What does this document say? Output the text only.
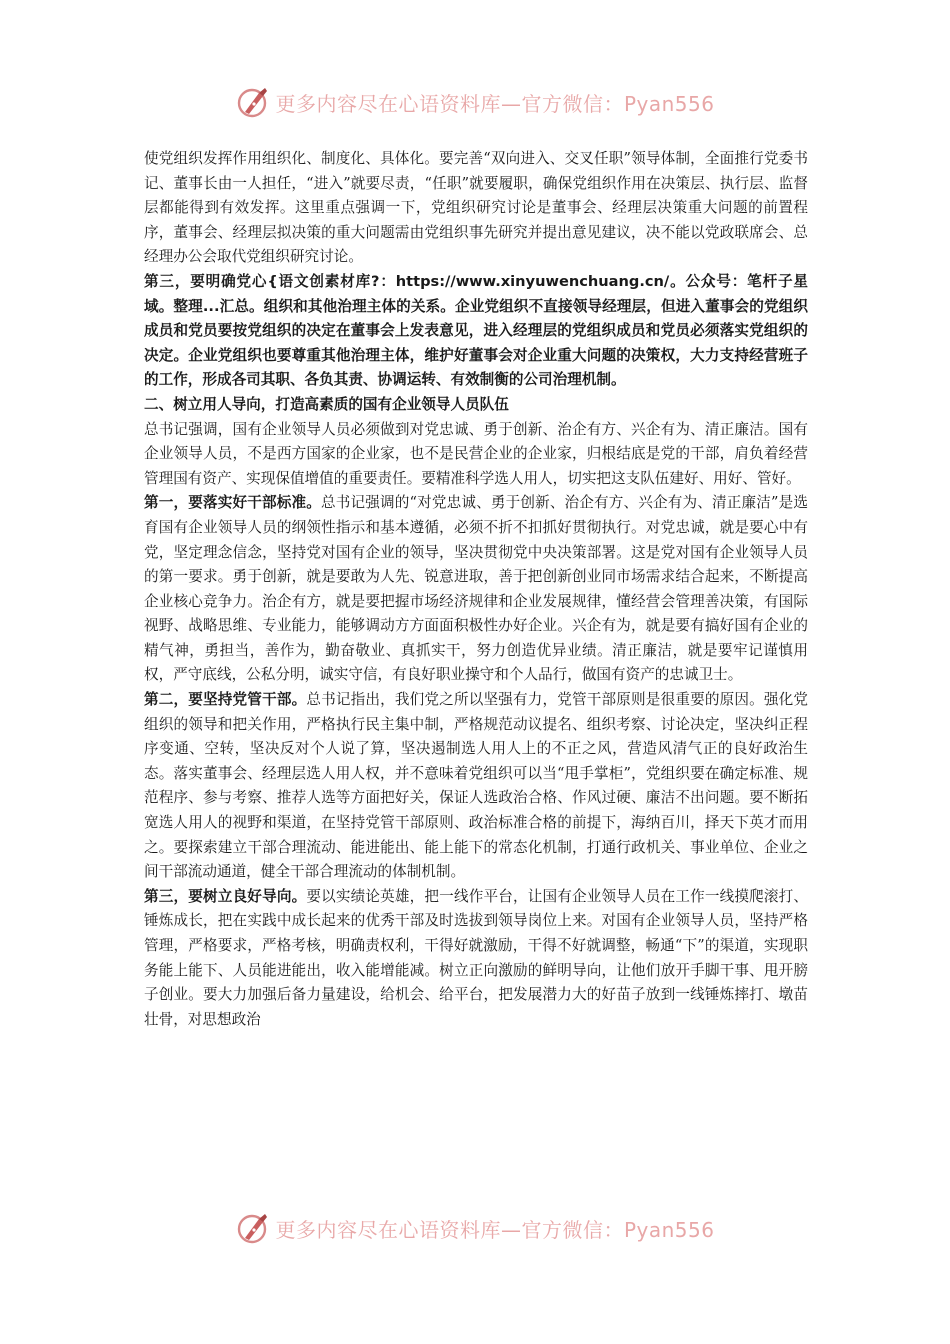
更多内容尽在心语资料库—官方微信：Pyan556

使党组织发挥作用组织化、制度化、具体化。要完善“双向进入、交叉任职”领导体制，全面推行党委书记、董事长由一人担任，“进入”就要尽责，“任职”就要履职，确保党组织作用在决策层、执行层、监督层都能得到有效发挥。这里重点强调一下，党组织研究讨论是董事会、经理层决策重大问题的前置程序，董事会、经理层拟决策的重大问题需由党组织事先研究并提出意见建议，决不能以党政联席会、总经理办公会取代党组织研究讨论。

第三，要明确党心{语文创素材库?：https://www.xinyuwenchuang.cn/。公众号：笔杆子星域。整理...汇总。组织和其他治理主体的关系。企业党组织不直接领导经理层，但进入董事会的党组织成员和党员要按党组织的决定在董事会上发表意见，进入经理层的党组织成员和党员必须落实党组织的决定。企业党组织也要尊重其他治理主体，维护好董事会对企业重大问题的决策权，大力支持经营班子的工作，形成各司其职、各负其责、协调运转、有效制衡的公司治理机制。

二、树立用人导向，打造高素质的国有企业领导人员队伍

总书记强调，国有企业领导人员必须做到对党忠诚、勇于创新、治企有方、兴企有为、清正廉洁。国有企业领导人员，不是西方国家的企业家，也不是民营企业的企业家，归根结底是党的干部，肩负着经营管理国有资产、实现保值增值的重要责任。要精准科学选人用人，切实把这支队伍建好、用好、管好。

第一，要落实好干部标准。总书记强调的“对党忠诚、勇于创新、治企有方、兴企有为、清正廉洁”是选育国有企业领导人员的纲领性指示和基本遵循，必须不折不扣抓好贯彻执行。对党忠诚，就是要心中有党，坚定理念信念，坚持党对国有企业的领导，坚决贯彻党中央决策部署。这是党对国有企业领导人员的第一要求。勇于创新，就是要敢为人先、锐意进取，善于把创新创业同市场需求结合起来，不断提高企业核心竞争力。治企有方，就是要把握市场经济规律和企业发展规律，懂经营会管理善决策，有国际视野、战略思维、专业能力，能够调动方方面面积极性办好企业。兴企有为，就是要有搞好国有企业的精气神，勇担当，善作为，勤奋敬业、真抓实干，努力创造优异业绩。清正廉洁，就是要牢记谨慎用权，严守底线，公私分明，诚实守信，有良好职业操守和个人品行，做国有资产的忠诚卫士。

第二，要坚持党管干部。总书记指出，我们党之所以坚强有力，党管干部原则是很重要的原因。强化党组织的领导和把关作用，严格执行民主集中制，严格规范动议提名、组织考察、讨论决定，坚决纠正程序变通、空转，坚决反对个人说了算，坚决遏制选人用人上的不正之风，营造风清气正的良好政治生态。落实董事会、经理层选人用人权，并不意味着党组织可以当“甩手掌柜”，党组织要在确定标准、规范程序、参与考察、推荐人选等方面把好关，保证人选政治合格、作风过硬、廉洁不出问题。要不断拓宽选人用人的视野和渠道，在坚持党管干部原则、政治标准合格的前提下，海纳百川，择天下英才而用之。要探索建立干部合理流动、能进能出、能上能下的常态化机制，打通行政机关、事业单位、企业之间干部流动通道，健全干部合理流动的体制机制。

第三，要树立良好导向。要以实绩论英雄，把一线作平台，让国有企业领导人员在工作一线摸爬滚打、锤炼成长，把在实践中成长起来的优秀干部及时选拔到领导岗位上来。对国有企业领导人员，坚持严格管理，严格要求，严格考核，明确责权利，干得好就激励，干得不好就调整，畅通“下”的渠道，实现职务能上能下、人员能进能出，收入能增能减。树立正向激励的鲜明导向，让他们放开手脚干事、甩开膀子创业。要大力加强后备力量建设，给机会、给平台，把发展潜力大的好苗子放到一线锤炼摔打、墩苗壮骨，对思想政治

更多内容尽在心语资料库—官方微信：Pyan556
